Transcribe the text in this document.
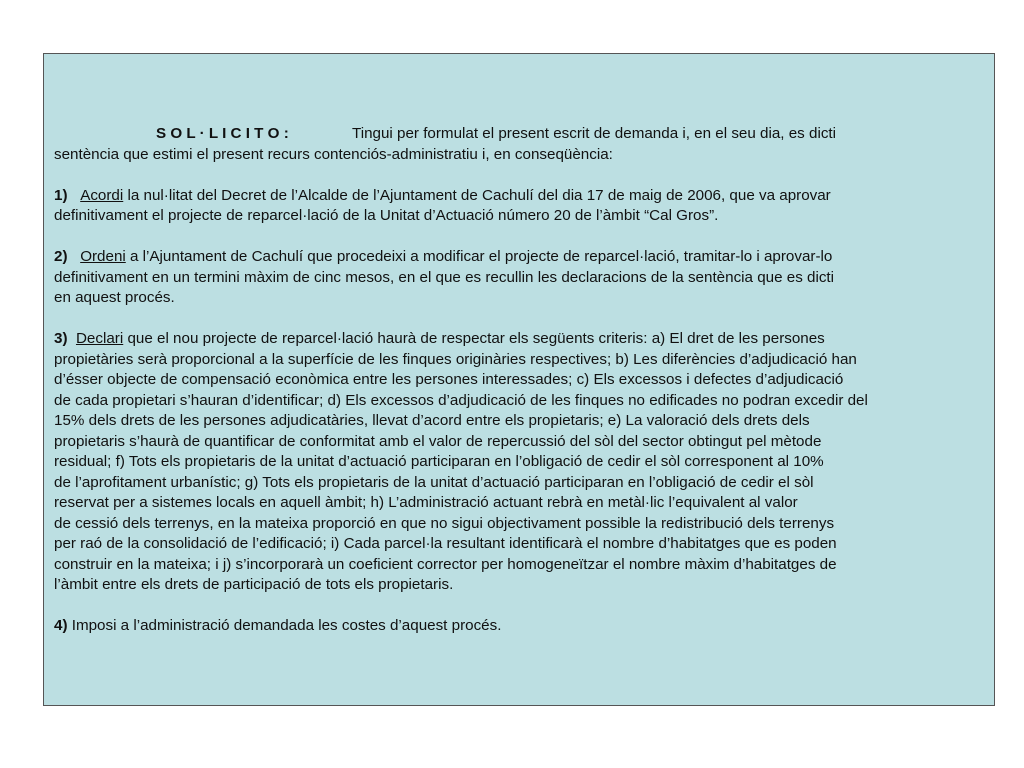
S O L · L I C I T O :	Tingui per formulat el present escrit de demanda i, en el seu dia, es dicti
sentència que estimi el present recurs contenciós-administratiu i, en conseqüència:
1) Acordi la nul·litat del Decret de l’Alcalde de l’Ajuntament de Cachulí del dia 17 de maig de 2006, que va aprovar
definitivament el projecte de reparcel·lació de la Unitat d’Actuació número 20 de l’àmbit “Cal Gros”.
2) Ordeni a l’Ajuntament de Cachulí que procedeixi a modificar el projecte de reparcel·lació, tramitar-lo i aprovar-lo
definitivament en un termini màxim de cinc mesos, en el que es recullin les declaracions de la sentència que es dicti
en aquest procés.
3) Declari que el nou projecte de reparcel·lació haurà de respectar els següents criteris: a) El dret de les persones
propietàries serà proporcional a la superfície de les finques originàries respectives; b) Les diferències d’adjudicació han
d’ésser objecte de compensació econòmica entre les persones interessades; c) Els excessos i defectes d’adjudicació
de cada propietari s’hauran d’identificar; d) Els excessos d’adjudicació de les finques no edificades no podran excedir del
15% dels drets de les persones adjudicatàries, llevat d’acord entre els propietaris; e) La valoració dels drets dels
propietaris s’haurà de quantificar de conformitat amb el valor de repercussió del sòl del sector obtingut pel mètode
residual; f) Tots els propietaris de la unitat d’actuació participaran en l’obligació de cedir el sòl corresponent al 10%
de l’aprofitament urbanístic; g) Tots els propietaris de la unitat d’actuació participaran en l’obligació de cedir el sòl
reservat per a sistemes locals en aquell àmbit; h) L’administració actuant rebrà en metàl·lic l’equivalent al valor
de cessió dels terrenys, en la mateixa proporció en que no sigui objectivament possible la redistribució dels terrenys
per raó de la consolidació de l’edificació; i) Cada parcel·la resultant identificarà el nombre d’habitatges que es poden
construir en la mateixa; i j) s’incorporarà un coeficient corrector per homogeneïtzar el nombre màxim d’habitatges de
l’àmbit entre els drets de participació de tots els propietaris.
4) Imposi a l’administració demandada les costes d’aquest procés.
